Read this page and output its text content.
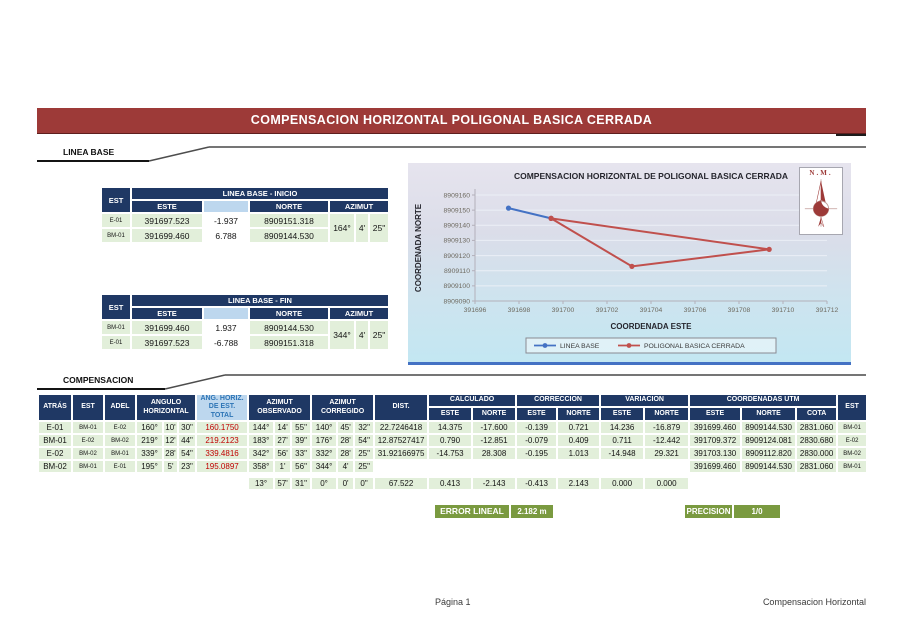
COMPENSACION HORIZONTAL POLIGONAL BASICA CERRADA
LINEA BASE
EST	LINEA BASE - INICIO					
	ESTE		NORTE	AZIMUT		
E-01	391697.523	-1.937	8909151.318	164°	4'	25"
BM-01	391699.460	6.788	8909144.530			
EST	LINEA BASE - FIN					
	ESTE		NORTE	AZIMUT		
BM-01	391699.460	1.937	8909144.530	344°	4'	25"
E-01	391697.523	-6.788	8909151.318			
8909090
8909100
8909110
8909120
8909130
8909140
8909150
8909160
391696	391698	391700	391702	391704	391706	391708	391710	391712
COMPENSACION HORIZONTAL DE POLIGONAL BASICA CERRADA
COORDENADA ESTE
COORDENADA NORTE
LINEA BASE	POLIGONAL BASICA CERRADA
N.M.
COMPENSACION
ATRÁS	EST	ADEL	ANGULO HORIZONTAL			ANG. HORIZ. DE EST. TOTAL	AZIMUT OBSERVADO			AZIMUT CORREGIDO			DIST.	CALCULADO		CORRECCION		VARIACION		COORDENADAS UTM			EST
														ESTE	NORTE	ESTE	NORTE	ESTE	NORTE	ESTE	NORTE	COTA	
E-01	BM-01	E-02	160°	10'	30"	160.1750	144°	14'	55"	140°	45'	32"	22.7246418	14.375	-17.600	-0.139	0.721	14.236	-16.879	391699.460	8909144.530	2831.060	BM-01
BM-01	E-02	BM-02	219°	12'	44"	219.2123	183°	27'	39"	176°	28'	54"	12.87527417	0.790	-12.851	-0.079	0.409	0.711	-12.442	391709.372	8909124.081	2830.680	E-02
E-02	BM-02	BM-01	339°	28'	54"	339.4816	342°	56'	33"	332°	28'	25"	31.92166975	-14.753	28.308	-0.195	1.013	-14.948	29.321	391703.130	8909112.820	2830.000	BM-02
BM-02	BM-01	E-01	195°	5'	23"	195.0897	358°	1'	56"	344°	4'	25"								391699.460	8909144.530	2831.060	BM-01

							13°	57'	31"	0°	0'	0"	67.522	0.413	-2.143	-0.413	2.143	0.000	0.000				
ERROR LINEAL	2.182 m	PRECISION	1/0
Página 1	Compensacion Horizontal
